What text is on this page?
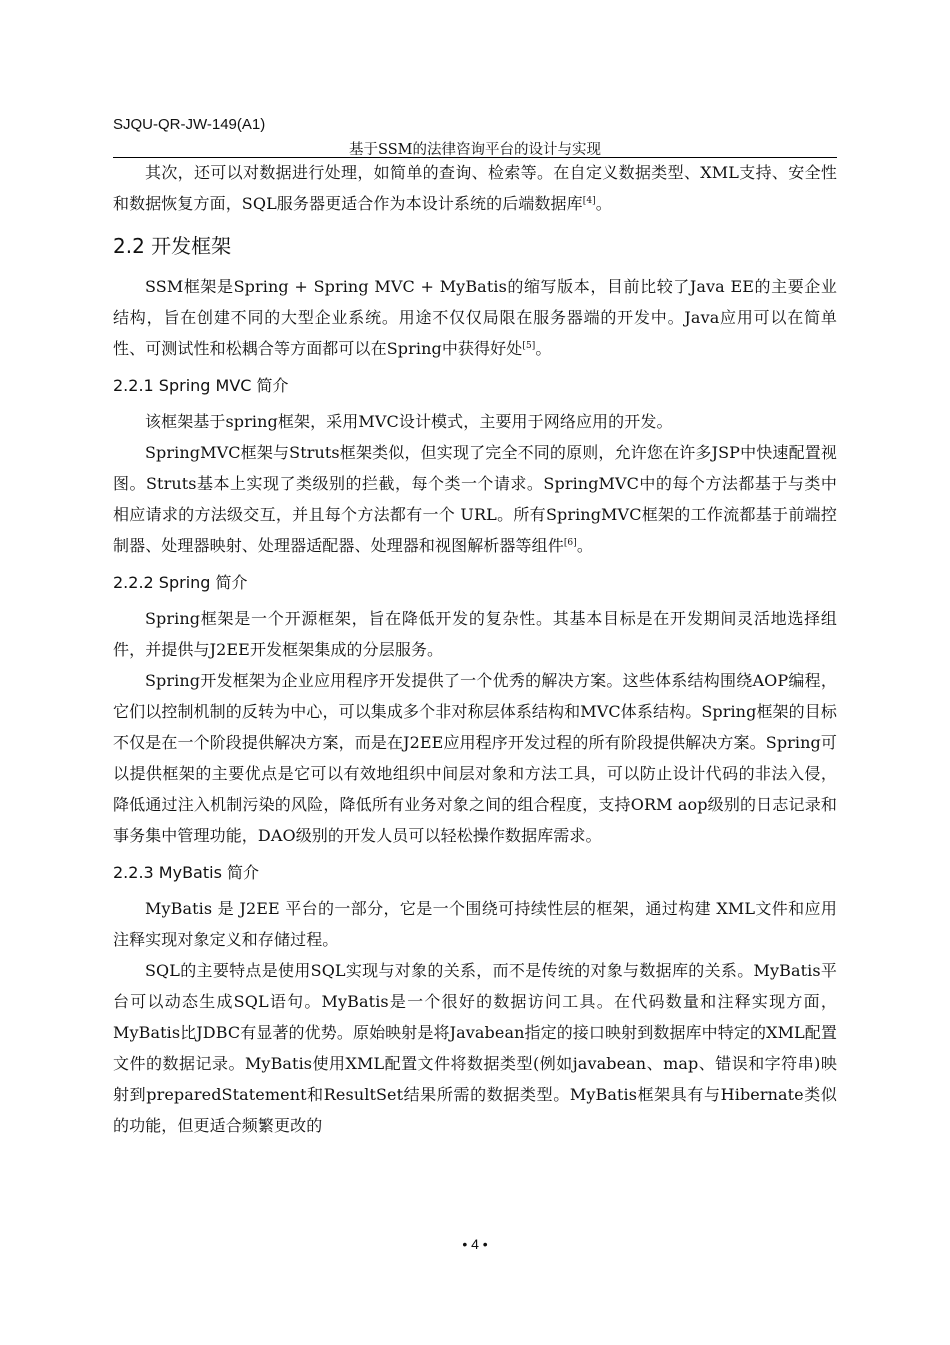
SJQU-QR-JW-149(A1)
基于SSM的法律咨询平台的设计与实现

其次，还可以对数据进行处理，如简单的查询、检索等。在自定义数据类型、XML支持、安全性和数据恢复方面，SQL服务器更适合作为本设计系统的后端数据库[4]。

2.2 开发框架

SSM框架是Spring + Spring MVC + MyBatis的缩写版本，目前比较了Java EE的主要企业结构，旨在创建不同的大型企业系统。用途不仅仅局限在服务器端的开发中。Java应用可以在简单性、可测试性和松耦合等方面都可以在Spring中获得好处[5]。

2.2.1 Spring MVC 简介

该框架基于spring框架，采用MVC设计模式，主要用于网络应用的开发。

SpringMVC框架与Struts框架类似，但实现了完全不同的原则，允许您在许多JSP中快速配置视图。Struts基本上实现了类级别的拦截，每个类一个请求。SpringMVC中的每个方法都基于与类中相应请求的方法级交互，并且每个方法都有一个 URL。所有SpringMVC框架的工作流都基于前端控制器、处理器映射、处理器适配器、处理器和视图解析器等组件[6]。

2.2.2 Spring 简介

Spring框架是一个开源框架，旨在降低开发的复杂性。其基本目标是在开发期间灵活地选择组件，并提供与J2EE开发框架集成的分层服务。

Spring开发框架为企业应用程序开发提供了一个优秀的解决方案。这些体系结构围绕AOP编程，它们以控制机制的反转为中心，可以集成多个非对称层体系结构和MVC体系结构。Spring框架的目标不仅是在一个阶段提供解决方案，而是在J2EE应用程序开发过程的所有阶段提供解决方案。Spring可以提供框架的主要优点是它可以有效地组织中间层对象和方法工具，可以防止设计代码的非法入侵，降低通过注入机制污染的风险，降低所有业务对象之间的组合程度，支持ORM aop级别的日志记录和事务集中管理功能，DAO级别的开发人员可以轻松操作数据库需求。

2.2.3 MyBatis 简介

MyBatis 是 J2EE 平台的一部分，它是一个围绕可持续性层的框架，通过构建 XML文件和应用注释实现对象定义和存储过程。

SQL的主要特点是使用SQL实现与对象的关系，而不是传统的对象与数据库的关系。MyBatis平台可以动态生成SQL语句。MyBatis是一个很好的数据访问工具。在代码数量和注释实现方面，MyBatis比JDBC有显著的优势。原始映射是将Javabean指定的接口映射到数据库中特定的XML配置文件的数据记录。MyBatis使用XML配置文件将数据类型(例如javabean、map、错误和字符串)映射到preparedStatement和ResultSet结果所需的数据类型。MyBatis框架具有与Hibernate类似的功能，但更适合频繁更改的

• 4 •
